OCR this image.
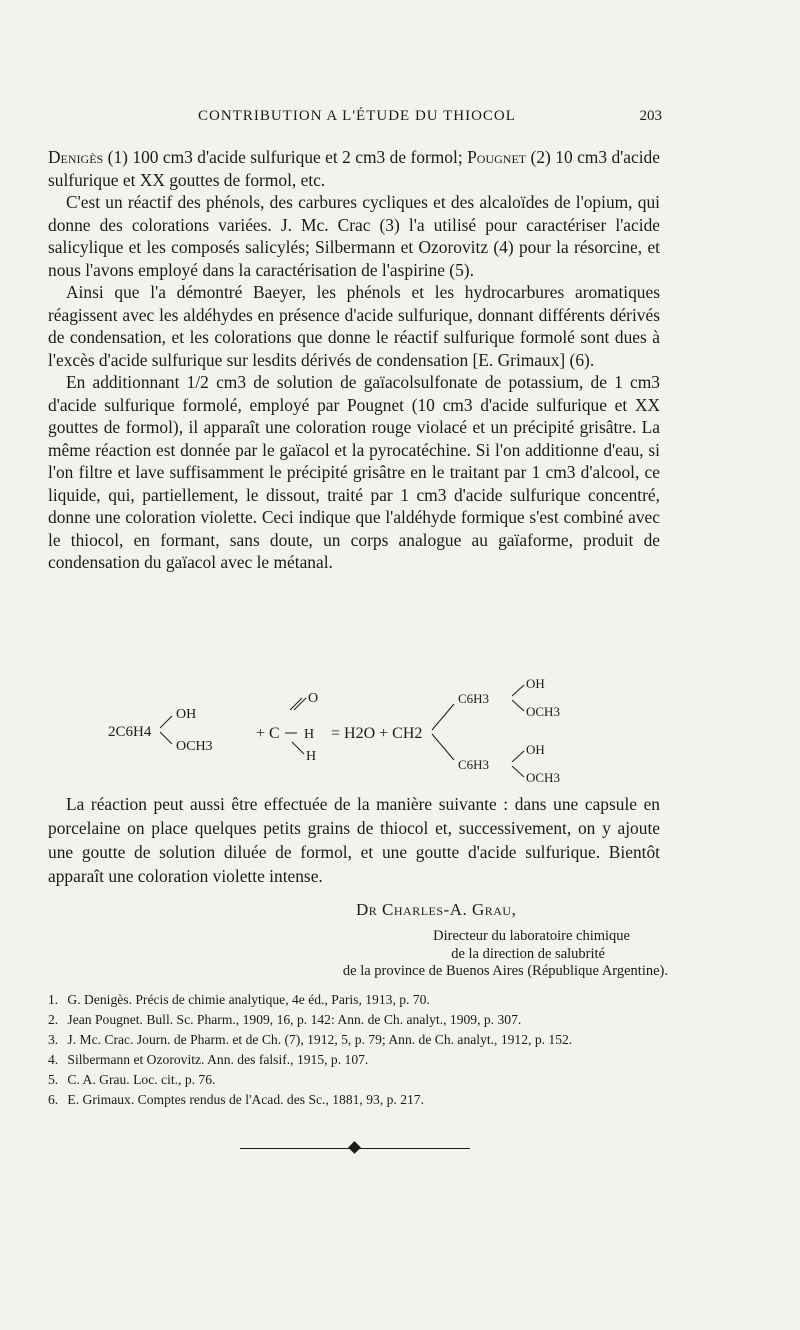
CONTRIBUTION A L'ÉTUDE DU THIOCOL	203

Denigès (1) 100 cm3 d'acide sulfurique et 2 cm3 de formol; Pougnet (2) 10 cm3 d'acide sulfurique et XX gouttes de formol, etc.

C'est un réactif des phénols, des carbures cycliques et des alcaloïdes de l'opium, qui donne des colorations variées. J. Mc. Crac (3) l'a utilisé pour caractériser l'acide salicylique et les composés salicylés; Silbermann et Ozorovitz (4) pour la résorcine, et nous l'avons employé dans la caractérisation de l'aspirine (5).

Ainsi que l'a démontré Baeyer, les phénols et les hydrocarbures aromatiques réagissent avec les aldéhydes en présence d'acide sulfurique, donnant différents dérivés de condensation, et les colorations que donne le réactif sulfurique formolé sont dues à l'excès d'acide sulfurique sur lesdits dérivés de condensation [E. Grimaux] (6).

En additionnant 1/2 cm3 de solution de gaïacolsulfonate de potassium, de 1 cm3 d'acide sulfurique formolé, employé par Pougnet (10 cm3 d'acide sulfurique et XX gouttes de formol), il apparaît une coloration rouge violacé et un précipité grisâtre. La même réaction est donnée par le gaïacol et la pyrocatéchine. Si l'on additionne d'eau, si l'on filtre et lave suffisamment le précipité grisâtre en le traitant par 1 cm3 d'alcool, ce liquide, qui, partiellement, le dissout, traité par 1 cm3 d'acide sulfurique concentré, donne une coloration violette. Ceci indique que l'aldéhyde formique s'est combiné avec le thiocol, en formant, sans doute, un corps analogue au gaïaforme, produit de condensation du gaïacol avec le métanal.

2C6H4
OH
OCH3
+ C
O
H
H
= H2O + CH2
C6H3
OH
OCH3
C6H3
OH
OCH3

La réaction peut aussi être effectuée de la manière suivante : dans une capsule en porcelaine on place quelques petits grains de thiocol et, successivement, on y ajoute une goutte de solution diluée de formol, et une goutte d'acide sulfurique. Bientôt apparaît une coloration violette intense.

Dr Charles-A. Grau,
Directeur du laboratoire chimique
de la direction de salubrité
de la province de Buenos Aires (République Argentine).

1. G. Denigès. Précis de chimie analytique, 4e éd., Paris, 1913, p. 70.

2. Jean Pougnet. Bull. Sc. Pharm., 1909, 16, p. 142: Ann. de Ch. analyt., 1909, p. 307.

3. J. Mc. Crac. Journ. de Pharm. et de Ch. (7), 1912, 5, p. 79; Ann. de Ch. analyt., 1912, p. 152.

4. Silbermann et Ozorovitz. Ann. des falsif., 1915, p. 107.

5. C. A. Grau. Loc. cit., p. 76.

6. E. Grimaux. Comptes rendus de l'Acad. des Sc., 1881, 93, p. 217.
